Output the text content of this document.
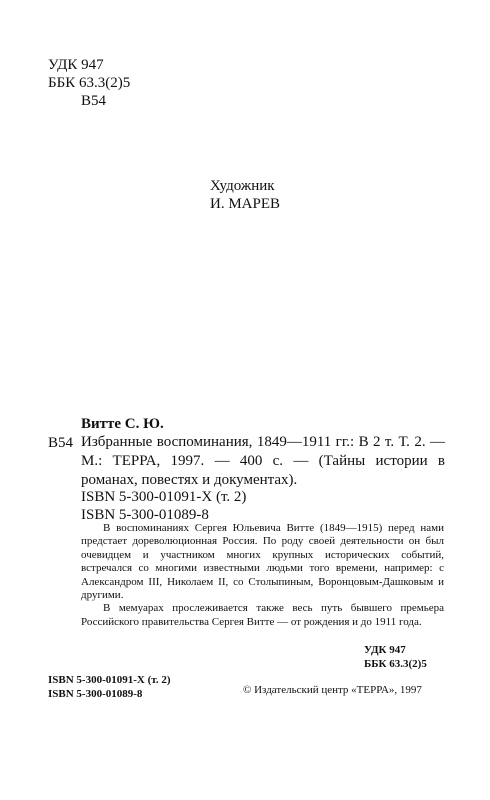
УДК 947
ББК 63.3(2)5
В54
Художник
И. МАРЕВ
Витте С. Ю.
В54 Избранные воспоминания, 1849—1911 гг.: В 2 т. Т. 2. — М.: ТЕРРА, 1997. — 400 с. — (Тайны истории в романах, повестях и документах).
ISBN 5-300-01091-X (т. 2)
ISBN 5-300-01089-8

В воспоминаниях Сергея Юльевича Витте (1849—1915) перед нами предстает дореволюционная Россия. По роду своей деятельности он был очевидцем и участником многих крупных исторических событий, встречался со многими известными людьми того времени, например: с Александром III, Николаем II, со Столыпиным, Воронцовым-Дашковым и другими.

В мемуарах прослеживается также весь путь бывшего премьера Российского правительства Сергея Витте — от рождения и до 1911 года.

УДК 947
ББК 63.3(2)5
ISBN 5-300-01091-X (т. 2)
ISBN 5-300-01089-8	© Издательский центр «ТЕРРА», 1997
